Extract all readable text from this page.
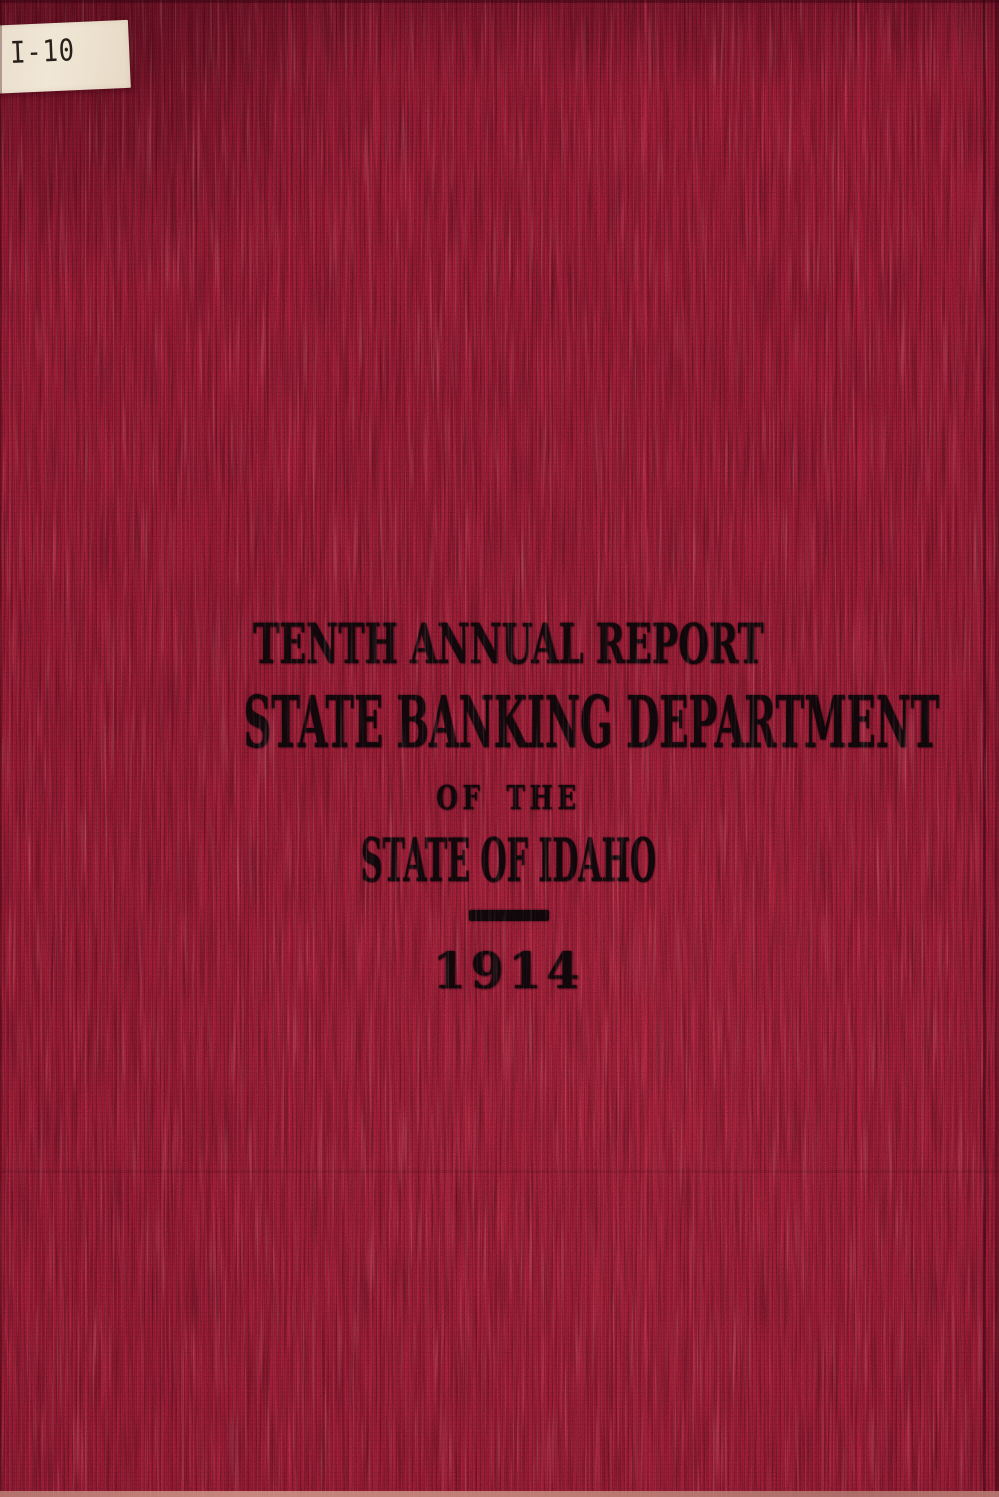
TENTH ANNUAL REPORT
STATE BANKING DEPARTMENT
OF THE
STATE OF IDAHO
1914
I-10
